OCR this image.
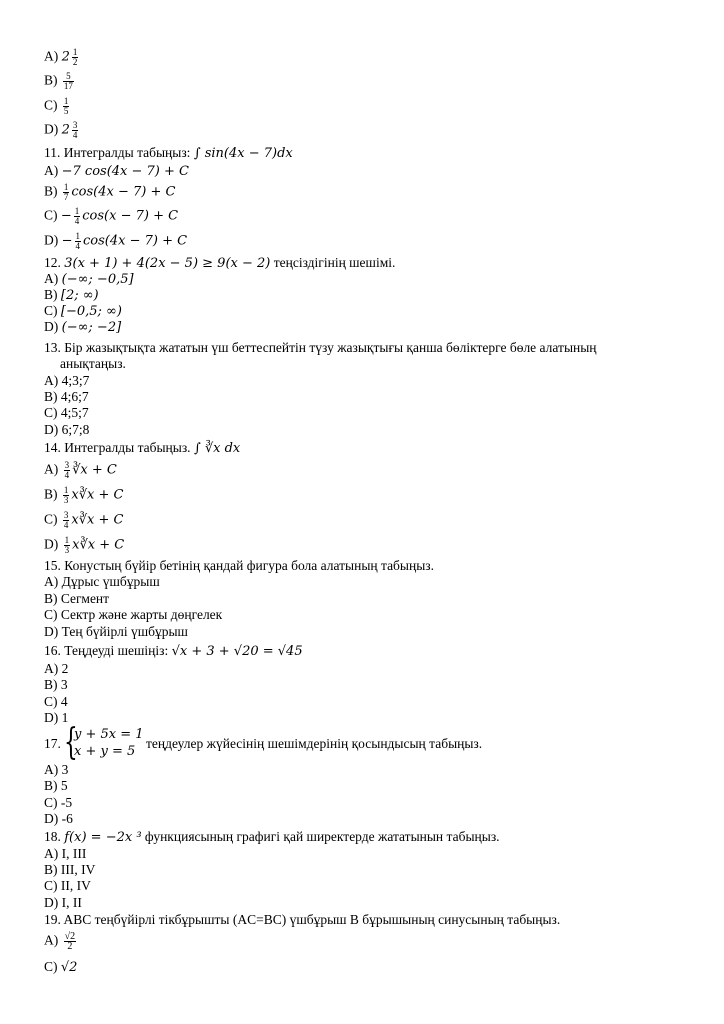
A) $2 \frac{1}{2}$
$B) \frac{5}{17}$
$C) \frac{1}{5}$
D) $2 \frac{3}{4}$
11. Интегралды табыңыз: ∫ sin(4x − 7)dx
A) −7 cos(4x − 7) + C
$B) \frac{1}{7} \cos(4x - 7) + C$
$C) - \frac{1}{4} \cos(x - 7) + C$
$D) - \frac{1}{4} \cos(4x - 7) + C$
12. 3(x + 1) + 4(2x − 5) ≥ 9(x − 2) теңсіздігінің шешімі.
A) (−∞; −0,5]
B) [2; ∞)
C) [−0,5; ∞)
D) (−∞; −2]
13. Бір жазықтықта жататын үш беттеспейтін түзу жазықтығы қанша бөліктерге бөле алатының
анықтаңыз.
A) 4;3;7
B) 4;6;7
C) 4;5;7
D) 6;7;8
14. Интегралды табыңыз. ∫ ∛x dx
$A) \frac{3}{4}$ ∛x + C
$B) \frac{1}{3}$ x∛x + C
$C) \frac{3}{4}$ x∛x + C
$D) \frac{1}{3}$ x∛x + C
15. Конустың бүйір бетінің қандай фигура бола алатының табыңыз.
A) Дұрыс үшбұрыш
B) Сегмент
C) Сектр және жарты дөңгелек
D) Тең бүйірлі үшбұрыш
16. Теңдеуді шешіңіз: √x + 3 + √20 = √45
A) 2
B) 3
C) 4
D) 1
17. {
y + 5x = 1
x + y = 5
теңдеулер жүйесінің шешімдерінің қосындысың табыңыз.
A) 3
B) 5
C) -5
D) -6
18. f(x) = −2x ³ функциясының графигі қай ширектерде жататынын табыңыз.
A) I, III
B) III, IV
C) II, IV
D) I, II
19. ABC теңбүйірлі тікбұрышты (AC=BC) үшбұрыш B бұрышының синусының табыңыз.
$A) \frac{√2}{2}$
C) √2
